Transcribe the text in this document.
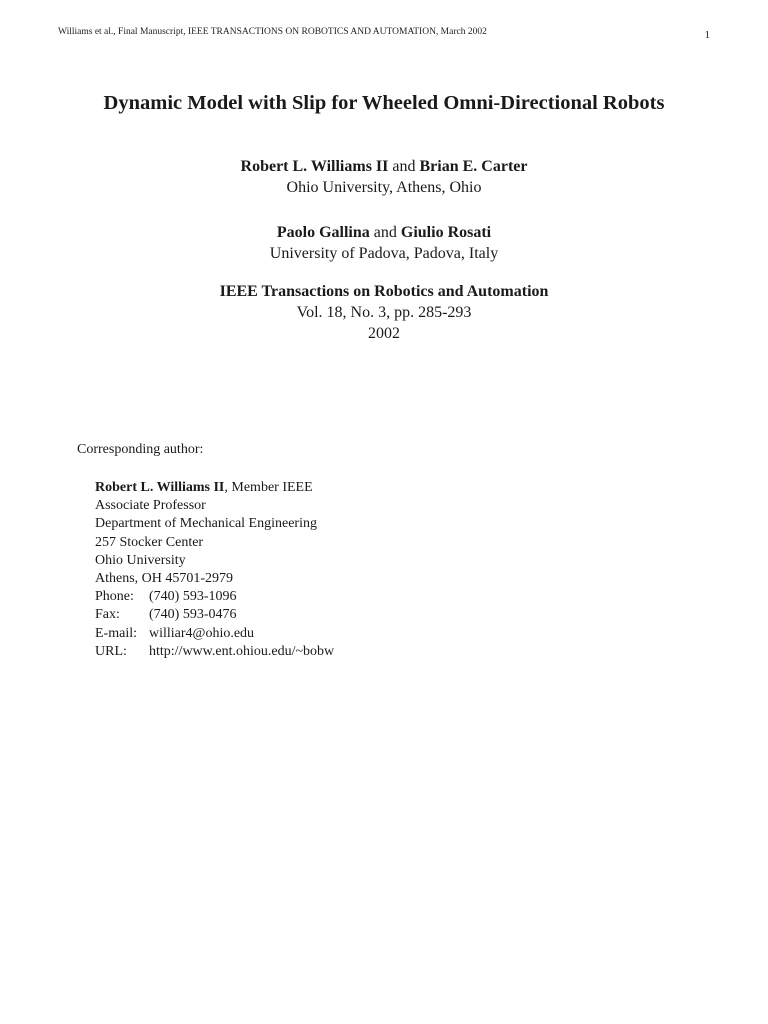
Williams et al., Final Manuscript, IEEE TRANSACTIONS ON ROBOTICS AND AUTOMATION, March 2002	1
Dynamic Model with Slip for Wheeled Omni-Directional Robots
Robert L. Williams II and Brian E. Carter
Ohio University, Athens, Ohio
Paolo Gallina and Giulio Rosati
University of Padova, Padova, Italy
IEEE Transactions on Robotics and Automation
Vol. 18, No. 3, pp. 285-293
2002
Corresponding author:
Robert L. Williams II, Member IEEE
Associate Professor
Department of Mechanical Engineering
257 Stocker Center
Ohio University
Athens, OH 45701-2979
Phone: (740) 593-1096
Fax: (740) 593-0476
E-mail: williar4@ohio.edu
URL: http://www.ent.ohiou.edu/~bobw
